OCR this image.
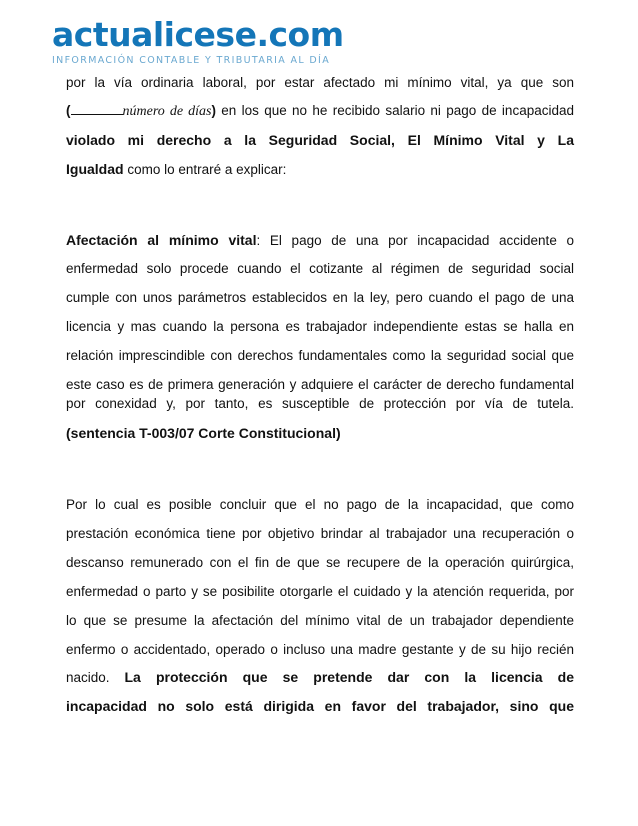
actualicese.com
INFORMACIÓN CONTABLE Y TRIBUTARIA AL DÍA
por la vía ordinaria laboral, por estar afectado mi mínimo vital, ya que son
(	número de días) en los que no he recibido salario ni pago de incapacidad
violado mi derecho a la Seguridad Social, El Mínimo Vital y La
Igualdad como lo entraré a explicar:
Afectación al mínimo vital: El pago de una por incapacidad accidente o
enfermedad solo procede cuando el cotizante al régimen de seguridad social
cumple con unos parámetros establecidos en la ley, pero cuando el pago de una
licencia y mas cuando la persona es trabajador independiente estas se halla en
relación imprescindible con derechos fundamentales como la seguridad social que
este caso es de primera generación y adquiere el carácter de derecho fundamental
por conexidad y, por tanto, es susceptible de protección por vía de tutela.
(sentencia T-003/07 Corte Constitucional)
Por lo cual es posible concluir que el no pago de la incapacidad, que como
prestación económica tiene por objetivo brindar al trabajador una recuperación o
descanso remunerado con el fin de que se recupere de la operación quirúrgica,
enfermedad o parto y se posibilite otorgarle el cuidado y la atención requerida, por
lo que se presume la afectación del mínimo vital de un trabajador dependiente
enfermo o accidentado, operado o incluso una madre gestante y de su hijo recién
nacido. La protección que se pretende dar con la licencia de
incapacidad no solo está dirigida en favor del trabajador, sino que
